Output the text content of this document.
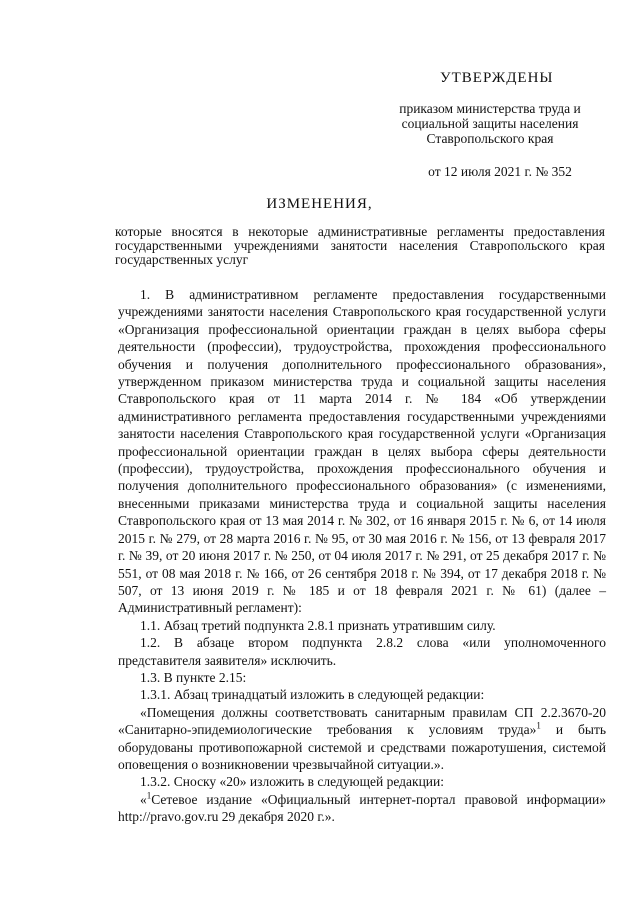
УТВЕРЖДЕНЫ
приказом министерства труда и
социальной защиты населения
Ставропольского края
от 12 июля 2021 г. № 352
ИЗМЕНЕНИЯ,
которые вносятся в некоторые административные регламенты предоставления государственными учреждениями занятости населения Ставропольского края государственных услуг

1. В административном регламенте предоставления государственными учреждениями занятости населения Ставропольского края государственной услуги «Организация профессиональной ориентации граждан в целях выбора сферы деятельности (профессии), трудоустройства, прохождения профессионального обучения и получения дополнительного профессионального образования», утвержденном приказом министерства труда и социальной защиты населения Ставропольского края от 11 марта 2014 г. № 184 «Об утверждении административного регламента предоставления государственными учреждениями занятости населения Ставропольского края государственной услуги «Организация профессиональной ориентации граждан в целях выбора сферы деятельности (профессии), трудоустройства, прохождения профессионального обучения и получения дополнительного профессионального образования» (с изменениями, внесенными приказами министерства труда и социальной защиты населения Ставропольского края от 13 мая 2014 г. № 302, от 16 января 2015 г. № 6, от 14 июля 2015 г. № 279, от 28 марта 2016 г. № 95, от 30 мая 2016 г. № 156, от 13 февраля 2017 г. № 39, от 20 июня 2017 г. № 250, от 04 июля 2017 г. № 291, от 25 декабря 2017 г. № 551, от 08 мая 2018 г. № 166, от 26 сентября 2018 г. № 394, от 17 декабря 2018 г. № 507, от 13 июня 2019 г. № 185 и от 18 февраля 2021 г. № 61) (далее – Административный регламент):

1.1. Абзац третий подпункта 2.8.1 признать утратившим силу.

1.2. В абзаце втором подпункта 2.8.2 слова «или уполномоченного представителя заявителя» исключить.

1.3. В пункте 2.15:

1.3.1. Абзац тринадцатый изложить в следующей редакции:

«Помещения должны соответствовать санитарным правилам СП 2.2.3670-20 «Санитарно-эпидемиологические требования к условиям труда»$^1$ и быть оборудованы противопожарной системой и средствами пожаротушения, системой оповещения о возникновении чрезвычайной ситуации.».

1.3.2. Сноску «20» изложить в следующей редакции:

«$^1$Сетевое издание «Официальный интернет-портал правовой информации» http://pravo.gov.ru 29 декабря 2020 г.».
